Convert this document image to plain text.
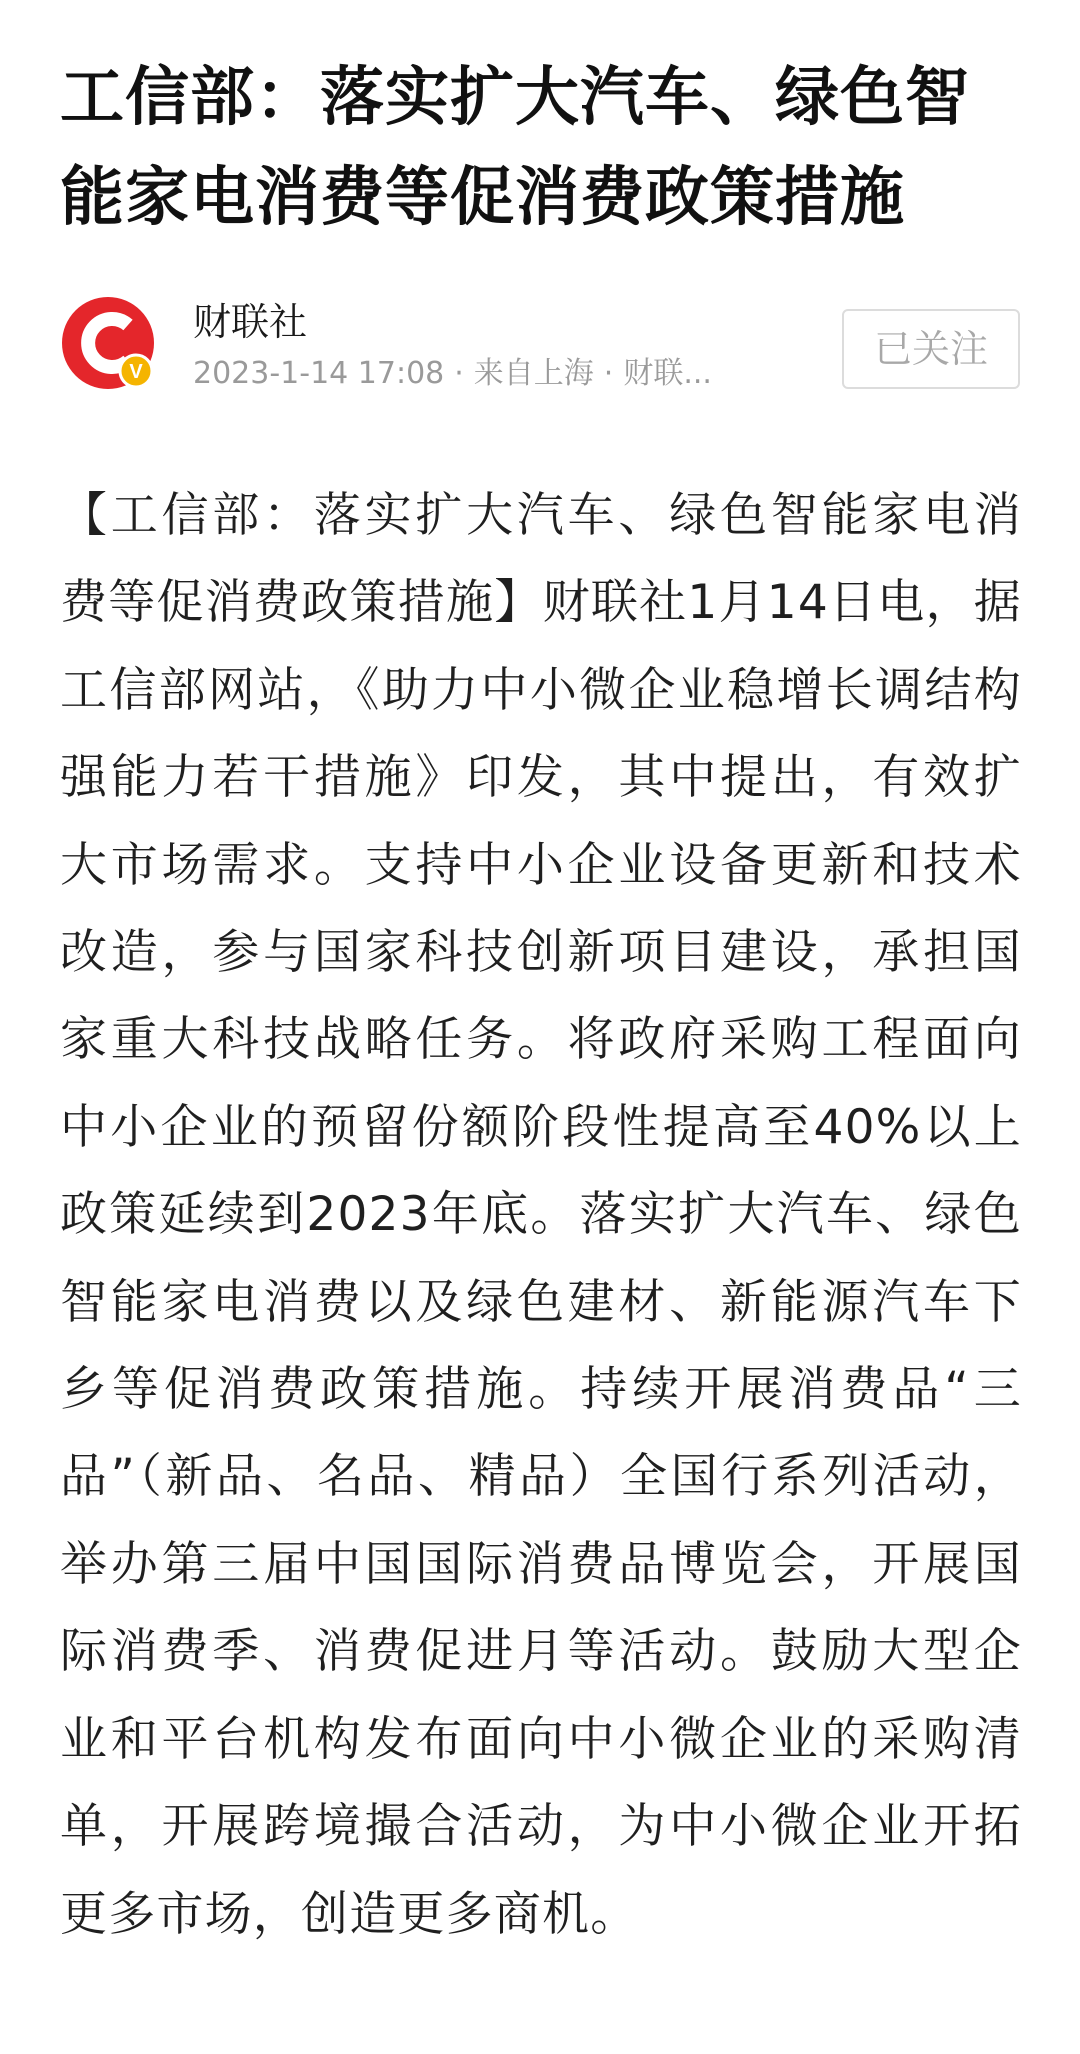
工信部：落实扩大汽车、绿色智能家电消费等促消费政策措施
V
财联社
2023-1-14 17:08 · 来自上海 · 财联...
已关注

【工信部：落实扩大汽车、绿色智能家电消费等促消费政策措施】财联社1月14日电，据工信部网站，《助力中小微企业稳增长调结构强能力若干措施》印发，其中提出，有效扩大市场需求。支持中小企业设备更新和技术改造，参与国家科技创新项目建设，承担国家重大科技战略任务。将政府采购工程面向中小企业的预留份额阶段性提高至40%以上政策延续到2023年底。落实扩大汽车、绿色智能家电消费以及绿色建材、新能源汽车下乡等促消费政策措施。持续开展消费品“三品”（新品、名品、精品）全国行系列活动，举办第三届中国国际消费品博览会，开展国际消费季、消费促进月等活动。鼓励大型企业和平台机构发布面向中小微企业的采购清单，开展跨境撮合活动，为中小微企业开拓更多市场，创造更多商机。
